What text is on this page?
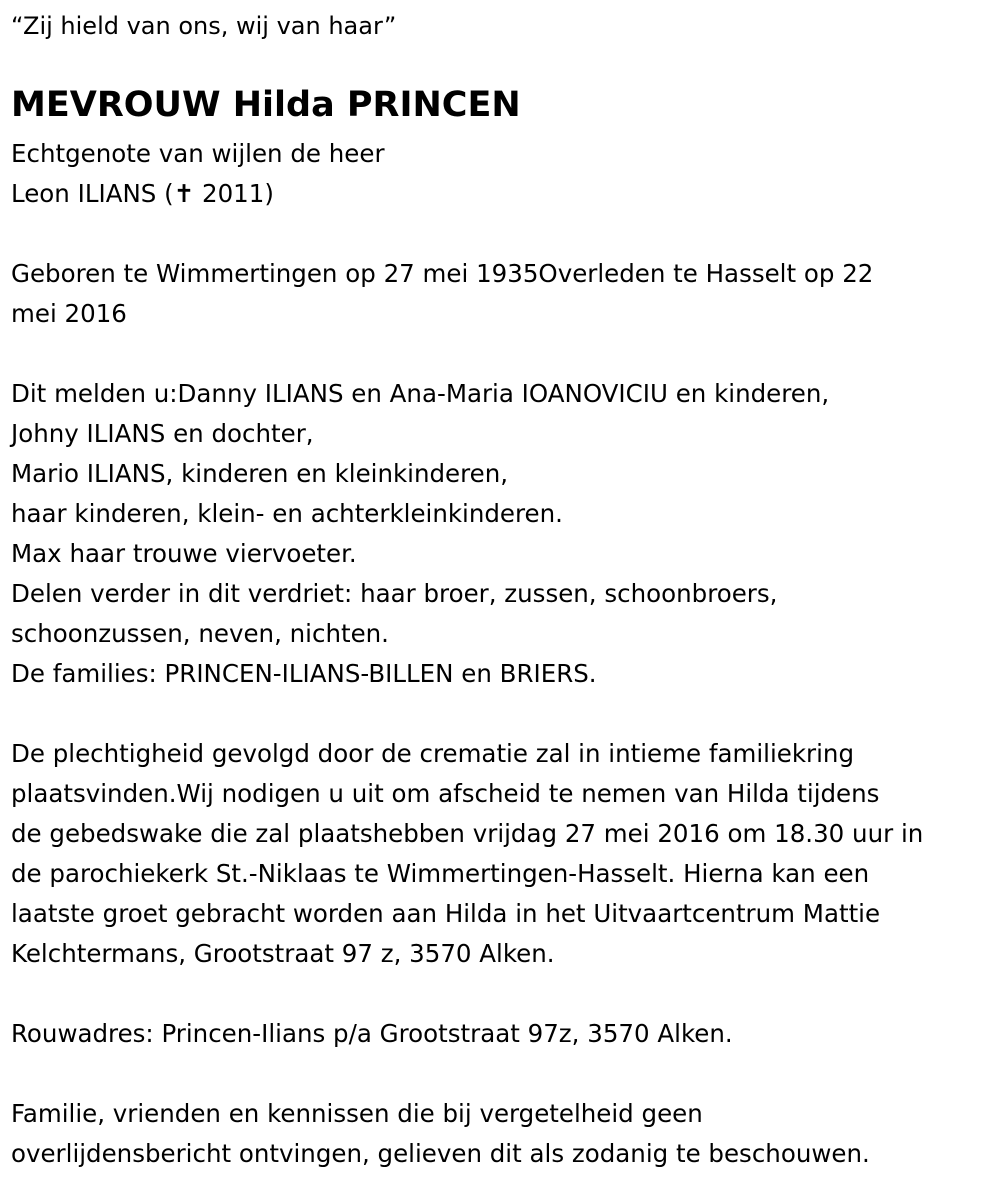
“Zij hield van ons, wij van haar”
MEVROUW Hilda PRINCEN
Echtgenote van wijlen de heer
Leon ILIANS (✝ 2011)
Geboren te Wimmertingen op 27 mei 1935Overleden te Hasselt op 22
mei 2016
Dit melden u:Danny ILIANS en Ana-Maria IOANOVICIU en kinderen,
Johny ILIANS en dochter,
Mario ILIANS, kinderen en kleinkinderen,
haar kinderen, klein- en achterkleinkinderen.
Max haar trouwe viervoeter.
Delen verder in dit verdriet: haar broer, zussen, schoonbroers,
schoonzussen, neven, nichten.
De families: PRINCEN-ILIANS-BILLEN en BRIERS.
De plechtigheid gevolgd door de crematie zal in intieme familiekring
plaatsvinden.Wij nodigen u uit om afscheid te nemen van Hilda tijdens
de gebedswake die zal plaatshebben vrijdag 27 mei 2016 om 18.30 uur in
de parochiekerk St.-Niklaas te Wimmertingen-Hasselt. Hierna kan een
laatste groet gebracht worden aan Hilda in het Uitvaartcentrum Mattie
Kelchtermans, Grootstraat 97 z, 3570 Alken.
Rouwadres: Princen-Ilians p/a Grootstraat 97z, 3570 Alken.
Familie, vrienden en kennissen die bij vergetelheid geen
overlijdensbericht ontvingen, gelieven dit als zodanig te beschouwen.
